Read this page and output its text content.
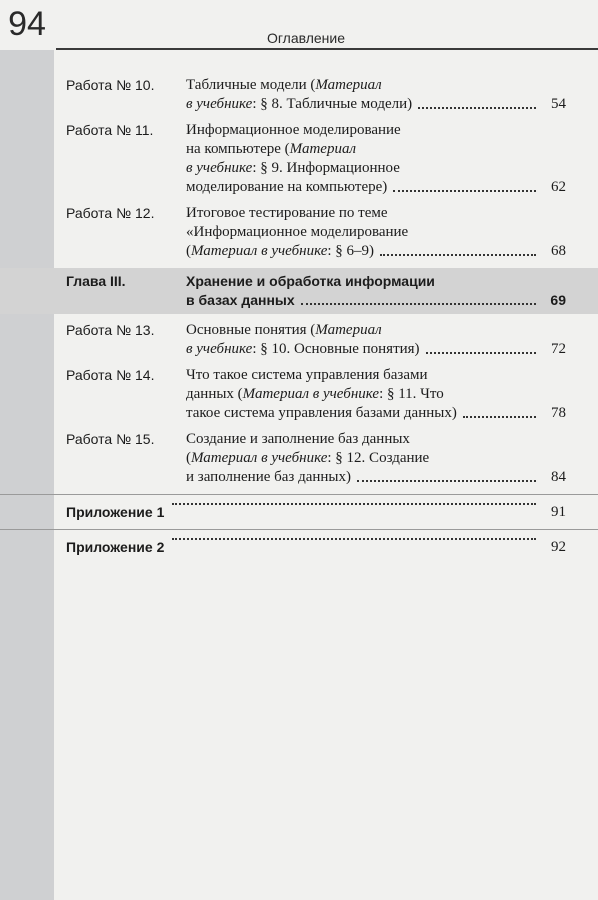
94	Оглавление
Работа № 10.	Табличные модели (Материал
в учебнике: § 8. Табличные модели)	54
Работа № 11.	Информационное моделирование
на компьютере (Материал
в учебнике: § 9. Информационное
моделирование на компьютере)	62
Работа № 12.	Итоговое тестирование по теме
«Информационное моделирование
(Материал в учебнике: § 6–9)	68
Глава III.	Хранение и обработка информации
в базах данных	69
Работа № 13.	Основные понятия (Материал
в учебнике: § 10. Основные понятия)	72
Работа № 14.	Что такое система управления базами
данных (Материал в учебнике: § 11. Что
такое система управления базами данных)	78
Работа № 15.	Создание и заполнение баз данных
(Материал в учебнике: § 12. Создание
и заполнение баз данных)	84
Приложение 1	91
Приложение 2	92
